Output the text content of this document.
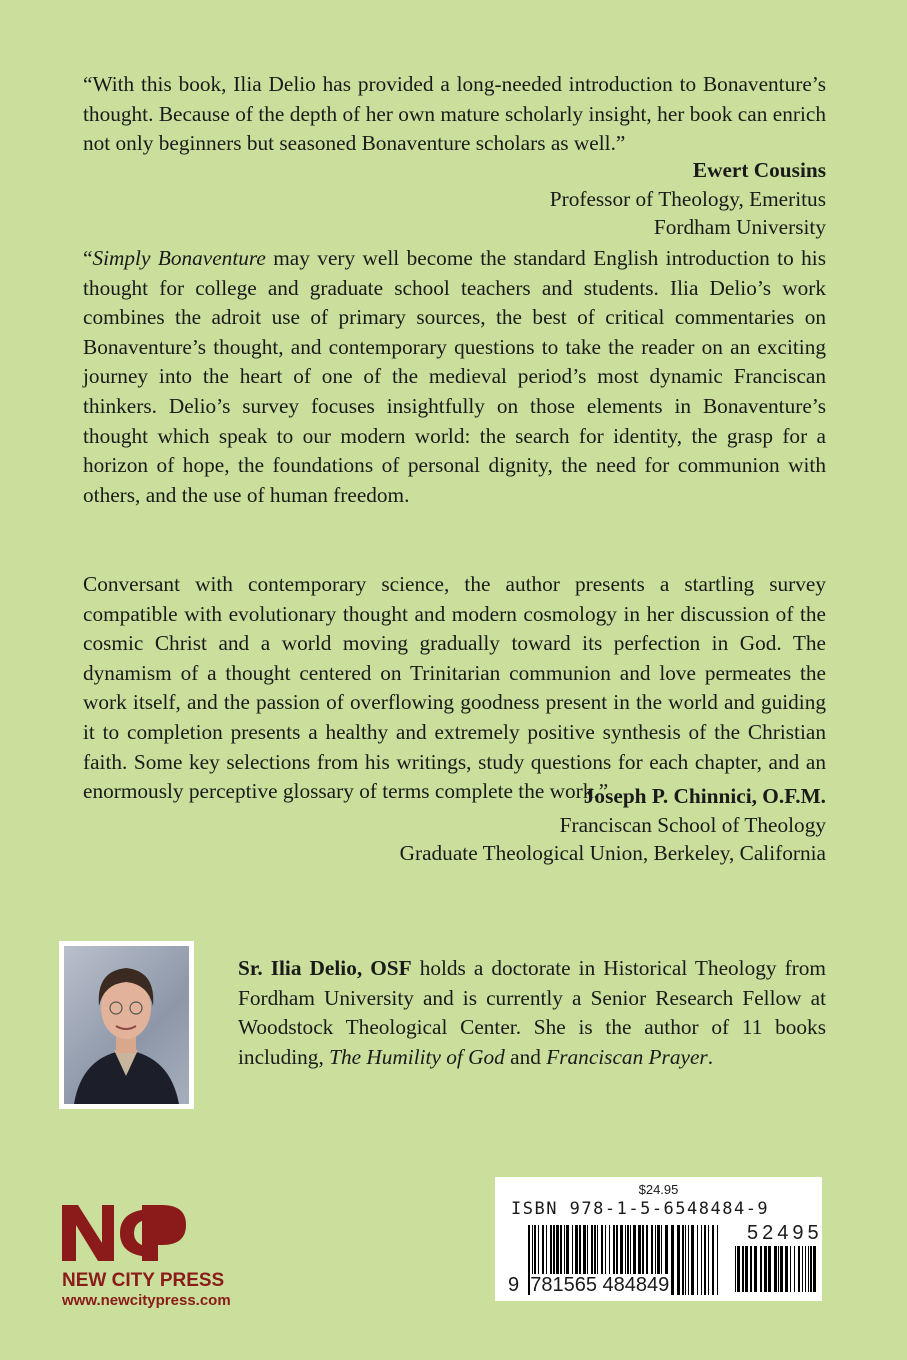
“With this book, Ilia Delio has provided a long-needed introduction to Bonaventure’s thought. Because of the depth of her own mature scholarly insight, her book can enrich not only beginners but seasoned Bonaventure scholars as well.”
Ewert Cousins
Professor of Theology, Emeritus
Fordham University
“Simply Bonaventure may very well become the standard English introduction to his thought for college and graduate school teachers and students. Ilia Delio’s work combines the adroit use of primary sources, the best of critical commentaries on Bonaventure’s thought, and contemporary questions to take the reader on an exciting journey into the heart of one of the medieval period’s most dynamic Franciscan thinkers. Delio’s survey focuses insightfully on those elements in Bonaventure’s thought which speak to our modern world: the search for identity, the grasp for a horizon of hope, the foundations of personal dignity, the need for communion with others, and the use of human freedom.
Conversant with contemporary science, the author presents a startling survey compatible with evolutionary thought and modern cosmology in her discussion of the cosmic Christ and a world moving gradually toward its perfection in God. The dynamism of a thought centered on Trinitarian communion and love permeates the work itself, and the passion of overflowing goodness present in the world and guiding it to completion presents a healthy and extremely positive synthesis of the Christian faith. Some key selections from his writings, study questions for each chapter, and an enormously perceptive glossary of terms complete the work.”
Joseph P. Chinnici, O.F.M.
Franciscan School of Theology
Graduate Theological Union, Berkeley, California
Sr. Ilia Delio, OSF holds a doctorate in Historical Theology from Fordham University and is currently a Senior Research Fellow at Woodstock Theological Center. She is the author of 11 books including, The Humility of God and Franciscan Prayer.
NEW CITY PRESS
www.newcitypress.com
$24.95
ISBN 978-1-5-6548484-9
52495
9 781565 484849
